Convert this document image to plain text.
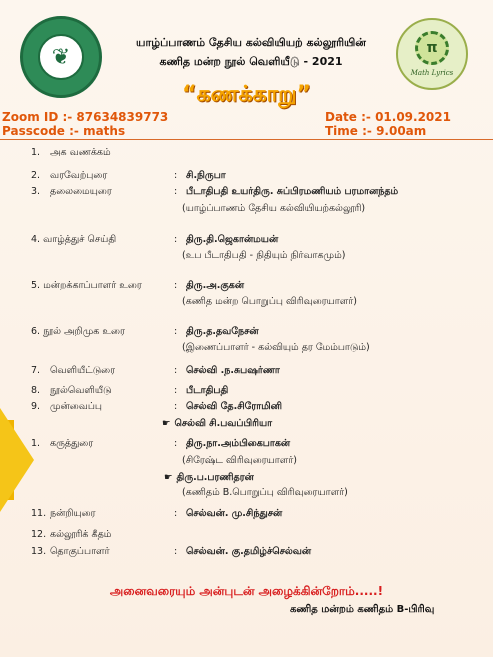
❦	π
Math Lyrics
யாழ்ப்பாணம் தேசிய கல்வியியற் கல்லூரியின்
கணித மன்ற நூல் வெளியீடு - 2021
“கணக்காறு”
Zoom ID :- 87634839773
Passcode :- maths
Date :- 01.09.2021
Time :- 9.00am
1. அக வணக்கம்
2. வரவேற்புரை	: சி.நிருபா
3. தலைமையுரை	: பீடாதிபதி உயர்திரு. சுப்பிரமணியம் பரமானந்தம்
(யாழ்ப்பாணம் தேசிய கல்வியியற்கல்லூரி)
4. வாழ்த்துச் செய்தி	: திரு.தி.ஜெகான்மயன்
(உப பீடாதிபதி - நிதியும் நிர்வாகமும்)
5. மன்றக்காப்பாளர் உரை	: திரு.அ.குகன்
(கணித மன்ற பொறுப்பு விரிவுரையாளர்)
6. நூல் அறிமுக உரை	: திரு.த.தவநேசன்
(இணைப்பாளர் - கல்வியும் தர மேம்பாடும்)
7. வெளியீட்டுரை	: செல்வி .ந.சுபஷர்ணா
8. நூல்வெளியீடு	: பீடாதிபதி
9. முன்வைப்பு	: செல்வி தே.சிரோமினி
☛ செல்வி சி.பவப்பிரியா
1. கருத்துரை	: திரு.நா.அம்பிகைபாகன்
(சிரேஷ்ட விரிவுரையாளர்)
☛ திரு.ப.பரணிதரன்
(கணிதம் B.பொறுப்பு விரிவுரையாளர்)
11. நன்றியுரை	: செல்வன். மு.சிந்துசன்
12. கல்லூரிக் கீதம்
13. தொகுப்பாளர்	: செல்வன். கு.தமிழ்ச்செல்வன்
அனைவரையும் அன்புடன் அழைக்கின்றோம்.....!
கணித மன்றம் கணிதம் B-பிரிவு
